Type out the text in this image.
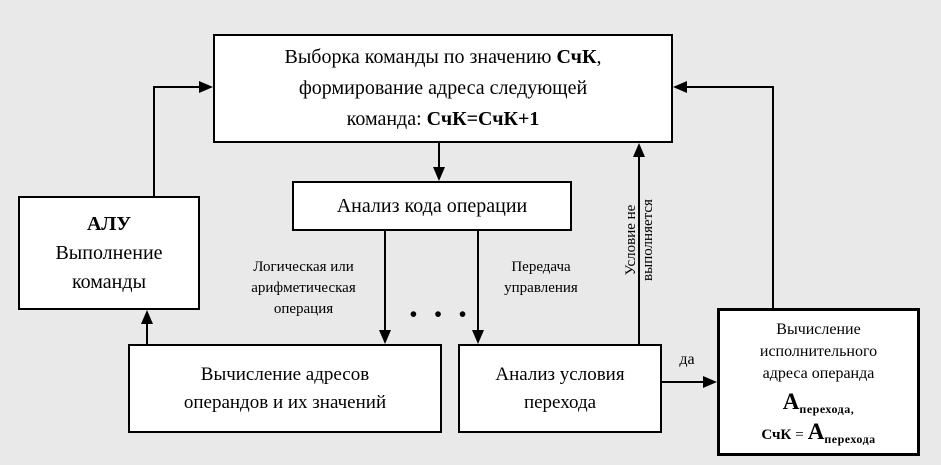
Выборка команды по значению СчК,
формирование адреса следующей
команда: СчК=СчК+1
АЛУ
Выполнение
команды
Анализ кода операции
Вычисление адресов
операндов и их значений
Анализ условия
перехода
Вычисление
исполнительного
адреса операнда
$А_{перехода,}$
СчК = $А_{перехода}$
Логическая или арифметическая операция
Передача управления
Условие не выполняется
да
• • •
